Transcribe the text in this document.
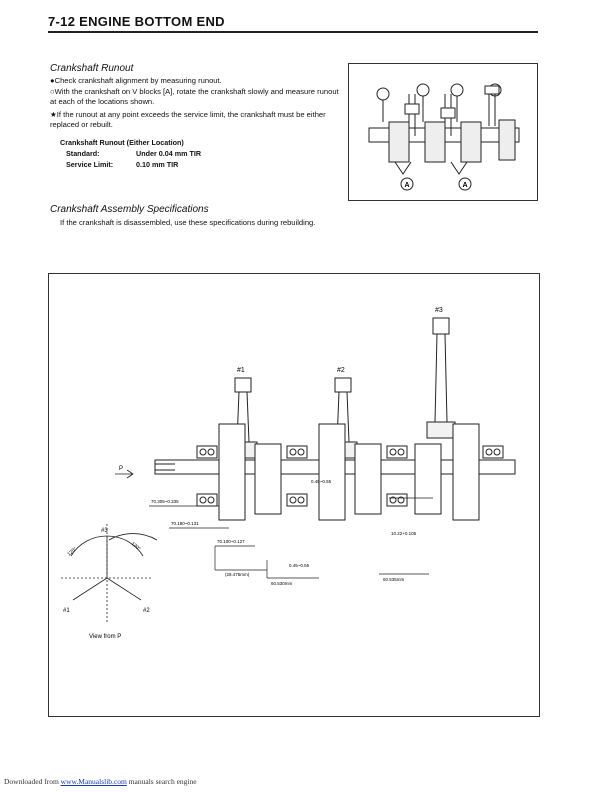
7-12 ENGINE BOTTOM END
Crankshaft Runout
●Check crankshaft alignment by measuring runout.
○With the crankshaft on V blocks [A], rotate the crankshaft slowly and measure runout at each of the locations shown.
★If the runout at any point exceeds the service limit, the crankshaft must be either replaced or rebuilt.
Crankshaft Runout (Either Location)
Standard:	Under 0.04 mm TIR
Service Limit:	0.10 mm TIR
Crankshaft Assembly Specifications
If the crankshaft is disassembled, use these specifications during rebuilding.
A	A
P
#1	#2
#3
70.305~0.335
70.180~0.131
70.100~0.127
0.45~0.55
0.45~0.55
(28.475mm)
60.530mm
10.22+0.105
60.535mm
#3
#1	#2
120°	120°
View from P
Downloaded from www.Manualslib.com manuals search engine
